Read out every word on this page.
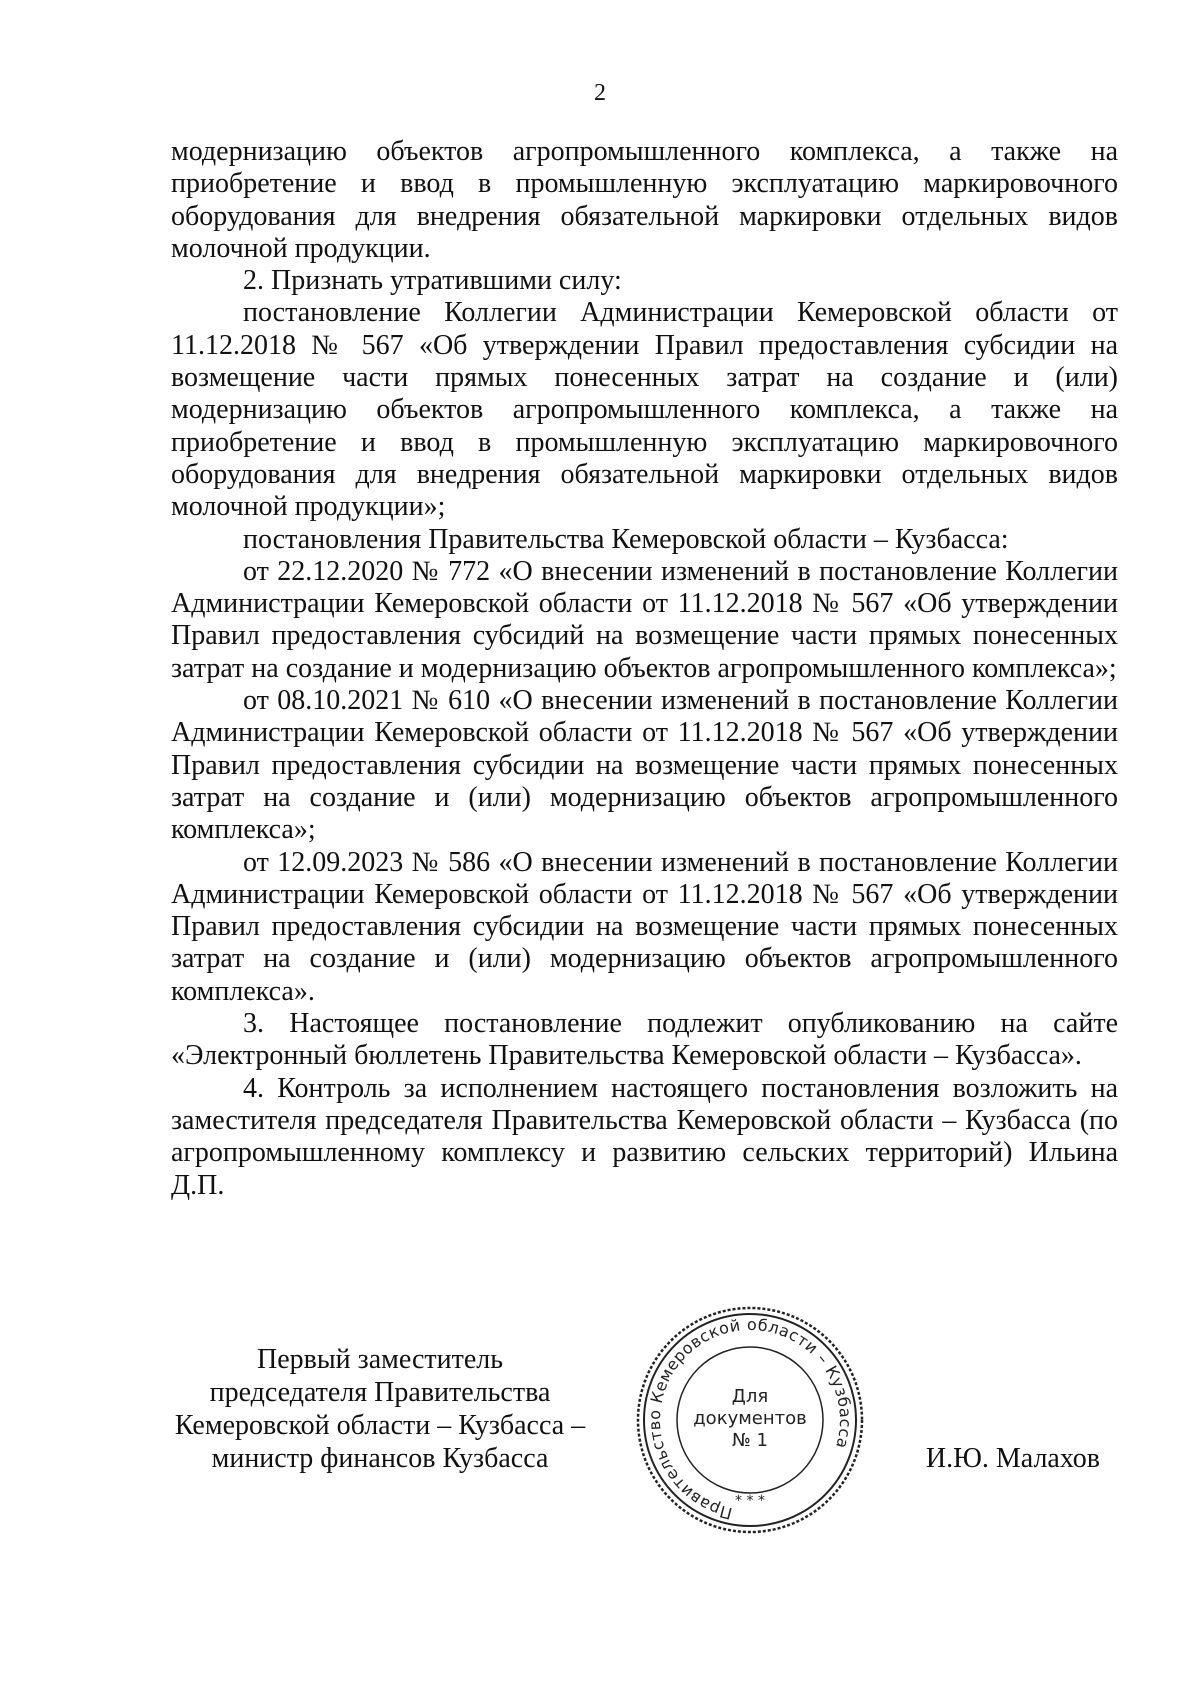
2

модернизацию объектов агропромышленного комплекса, а также на приобретение и ввод в промышленную эксплуатацию маркировочного оборудования для внедрения обязательной маркировки отдельных видов молочной продукции.

2. Признать утратившими силу:

постановление Коллегии Администрации Кемеровской области от 11.12.2018 № 567 «Об утверждении Правил предоставления субсидии на возмещение части прямых понесенных затрат на создание и (или) модернизацию объектов агропромышленного комплекса, а также на приобретение и ввод в промышленную эксплуатацию маркировочного оборудования для внедрения обязательной маркировки отдельных видов молочной продукции»;

постановления Правительства Кемеровской области – Кузбасса:

от 22.12.2020 № 772 «О внесении изменений в постановление Коллегии Администрации Кемеровской области от 11.12.2018 № 567 «Об утверждении Правил предоставления субсидий на возмещение части прямых понесенных затрат на создание и модернизацию объектов агропромышленного комплекса»;

от 08.10.2021 № 610 «О внесении изменений в постановление Коллегии Администрации Кемеровской области от 11.12.2018 № 567 «Об утверждении Правил предоставления субсидии на возмещение части прямых понесенных затрат на создание и (или) модернизацию объектов агропромышленного комплекса»;

от 12.09.2023 № 586 «О внесении изменений в постановление Коллегии Администрации Кемеровской области от 11.12.2018 № 567 «Об утверждении Правил предоставления субсидии на возмещение части прямых понесенных затрат на создание и (или) модернизацию объектов агропромышленного комплекса».

3. Настоящее постановление подлежит опубликованию на сайте «Электронный бюллетень Правительства Кемеровской области – Кузбасса».

4. Контроль за исполнением настоящего постановления возложить на заместителя председателя Правительства Кемеровской области – Кузбасса (по агропромышленному комплексу и развитию сельских территорий) Ильина Д.П.

Первый заместитель
председателя Правительства
Кемеровской области – Кузбасса –
министр финансов Кузбасса
Правительство Кемеровской области – Кузбасса
* * *
Для
документов
№ 1
И.Ю. Малахов
